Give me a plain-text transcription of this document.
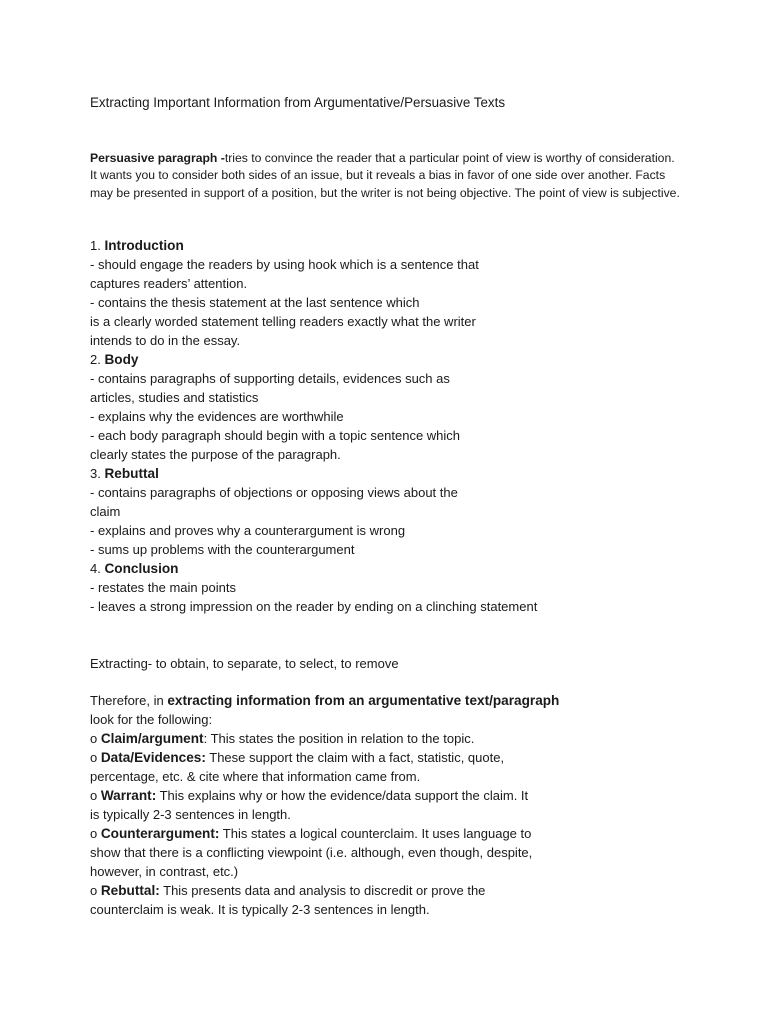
Extracting Important Information from Argumentative/Persuasive Texts
Persuasive paragraph -tries to convince the reader that a particular point of view is worthy of consideration. It wants you to consider both sides of an issue, but it reveals a bias in favor of one side over another. Facts may be presented in support of a position, but the writer is not being objective. The point of view is subjective.
1. Introduction
- should engage the readers by using hook which is a sentence that
captures readers’ attention.
- contains the thesis statement at the last sentence which
is a clearly worded statement telling readers exactly what the writer
intends to do in the essay.
2. Body
- contains paragraphs of supporting details, evidences such as
articles, studies and statistics
- explains why the evidences are worthwhile
- each body paragraph should begin with a topic sentence which
clearly states the purpose of the paragraph.
3. Rebuttal
- contains paragraphs of objections or opposing views about the
claim
- explains and proves why a counterargument is wrong
- sums up problems with the counterargument
4. Conclusion
- restates the main points
- leaves a strong impression on the reader by ending on a clinching statement
Extracting- to obtain, to separate, to select, to remove
Therefore, in extracting information from an argumentative text/paragraph
look for the following:
o Claim/argument: This states the position in relation to the topic.
o Data/Evidences: These support the claim with a fact, statistic, quote,
percentage, etc. & cite where that information came from.
o Warrant: This explains why or how the evidence/data support the claim. It
is typically 2-3 sentences in length.
o Counterargument: This states a logical counterclaim. It uses language to
show that there is a conflicting viewpoint (i.e. although, even though, despite,
however, in contrast, etc.)
o Rebuttal: This presents data and analysis to discredit or prove the
counterclaim is weak. It is typically 2-3 sentences in length.
